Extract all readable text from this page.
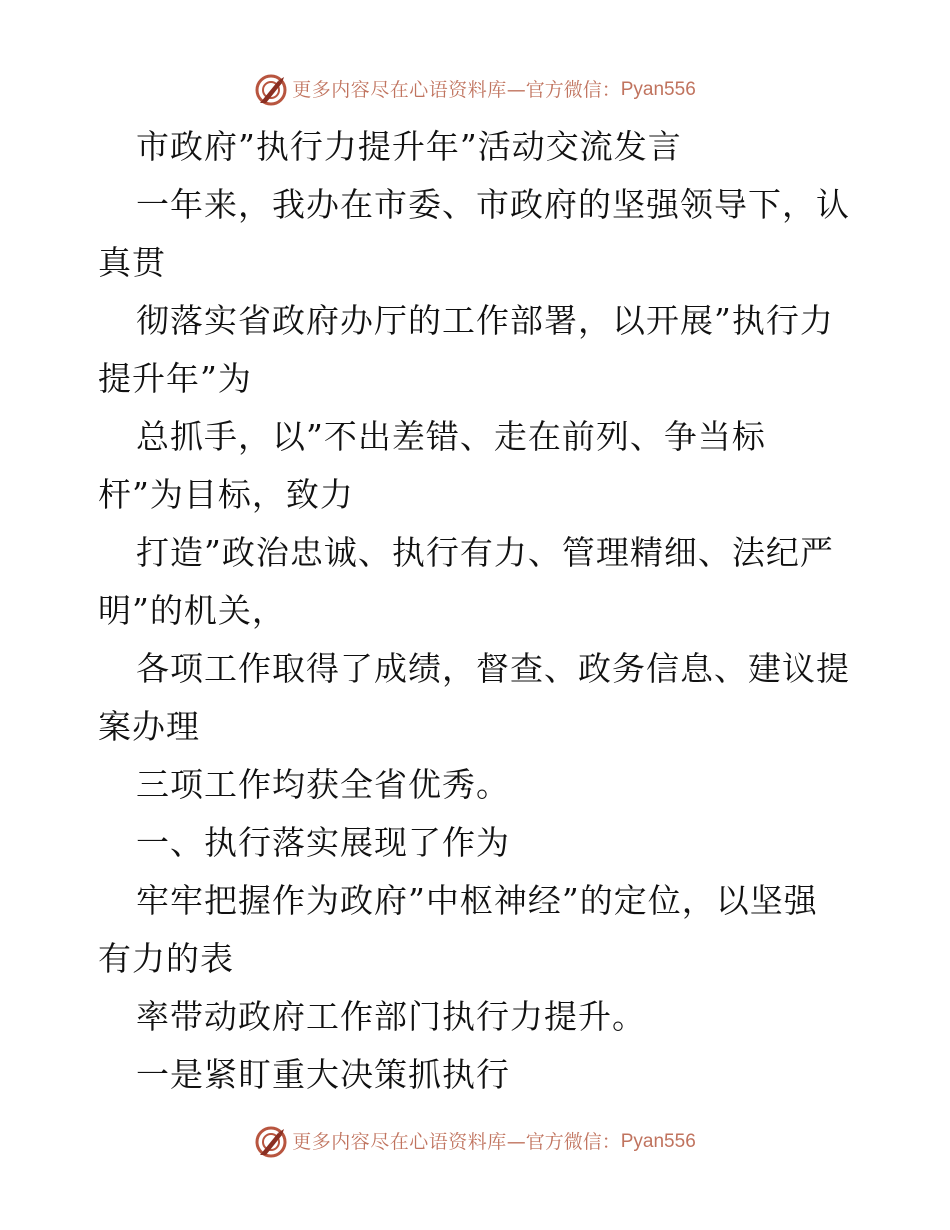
更多内容尽在心语资料库 — 官方微信： Pyan556
市政府”执行力提升年”活动交流发言
一年来，我办在市委、市政府的坚强领导下，认
真贯
彻落实省政府办厅的工作部署，以开展”执行力
提升年”为
总抓手，以”不出差错、走在前列、争当标
杆”为目标，致力
打造”政治忠诚、执行有力、管理精细、法纪严
明”的机关，
各项工作取得了成绩，督查、政务信息、建议提
案办理
三项工作均获全省优秀。
一、执行落实展现了作为
牢牢把握作为政府”中枢神经”的定位，以坚强
有力的表
率带动政府工作部门执行力提升。
一是紧盯重大决策抓执行
更多内容尽在心语资料库 — 官方微信： Pyan556
